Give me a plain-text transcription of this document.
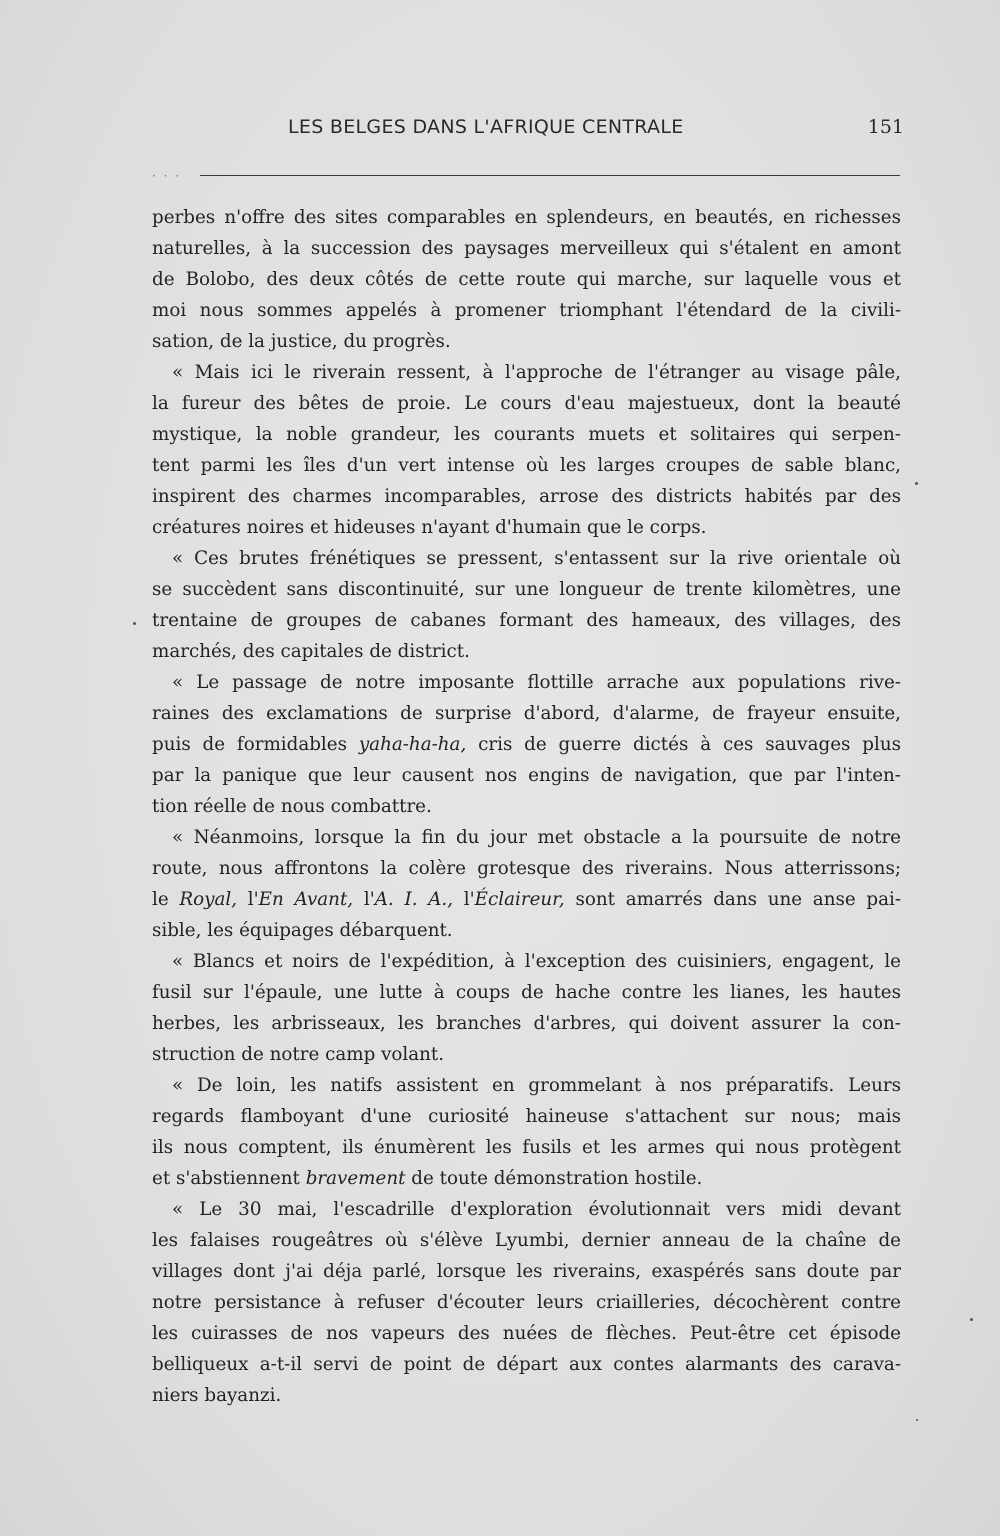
LES BELGES DANS L'AFRIQUE CENTRALE	151
· · ·
perbes n'offre des sites comparables en splendeurs, en beautés, en richesses
naturelles, à la succession des paysages merveilleux qui s'étalent en amont
de Bolobo, des deux côtés de cette route qui marche, sur laquelle vous et
moi nous sommes appelés à promener triomphant l'étendard de la civili-
sation, de la justice, du progrès.
« Mais ici le riverain ressent, à l'approche de l'étranger au visage pâle,
la fureur des bêtes de proie. Le cours d'eau majestueux, dont la beauté
mystique, la noble grandeur, les courants muets et solitaires qui serpen-
tent parmi les îles d'un vert intense où les larges croupes de sable blanc,
inspirent des charmes incomparables, arrose des districts habités par des
créatures noires et hideuses n'ayant d'humain que le corps.
« Ces brutes frénétiques se pressent, s'entassent sur la rive orientale où
se succèdent sans discontinuité, sur une longueur de trente kilomètres, une
trentaine de groupes de cabanes formant des hameaux, des villages, des
marchés, des capitales de district.
« Le passage de notre imposante flottille arrache aux populations rive-
raines des exclamations de surprise d'abord, d'alarme, de frayeur ensuite,
puis de formidables yaha-ha-ha, cris de guerre dictés à ces sauvages plus
par la panique que leur causent nos engins de navigation, que par l'inten-
tion réelle de nous combattre.
« Néanmoins, lorsque la fin du jour met obstacle a la poursuite de notre
route, nous affrontons la colère grotesque des riverains. Nous atterrissons;
le Royal, l'En Avant, l'A. I. A., l'Éclaireur, sont amarrés dans une anse pai-
sible, les équipages débarquent.
« Blancs et noirs de l'expédition, à l'exception des cuisiniers, engagent, le
fusil sur l'épaule, une lutte à coups de hache contre les lianes, les hautes
herbes, les arbrisseaux, les branches d'arbres, qui doivent assurer la con-
struction de notre camp volant.
« De loin, les natifs assistent en grommelant à nos préparatifs. Leurs
regards flamboyant d'une curiosité haineuse s'attachent sur nous; mais
ils nous comptent, ils énumèrent les fusils et les armes qui nous protègent
et s'abstiennent bravement de toute démonstration hostile.
« Le 30 mai, l'escadrille d'exploration évolutionnait vers midi devant
les falaises rougeâtres où s'élève Lyumbi, dernier anneau de la chaîne de
villages dont j'ai déja parlé, lorsque les riverains, exaspérés sans doute par
notre persistance à refuser d'écouter leurs criailleries, décochèrent contre
les cuirasses de nos vapeurs des nuées de flèches. Peut-être cet épisode
belliqueux a-t-il servi de point de départ aux contes alarmants des carava-
niers bayanzi.
